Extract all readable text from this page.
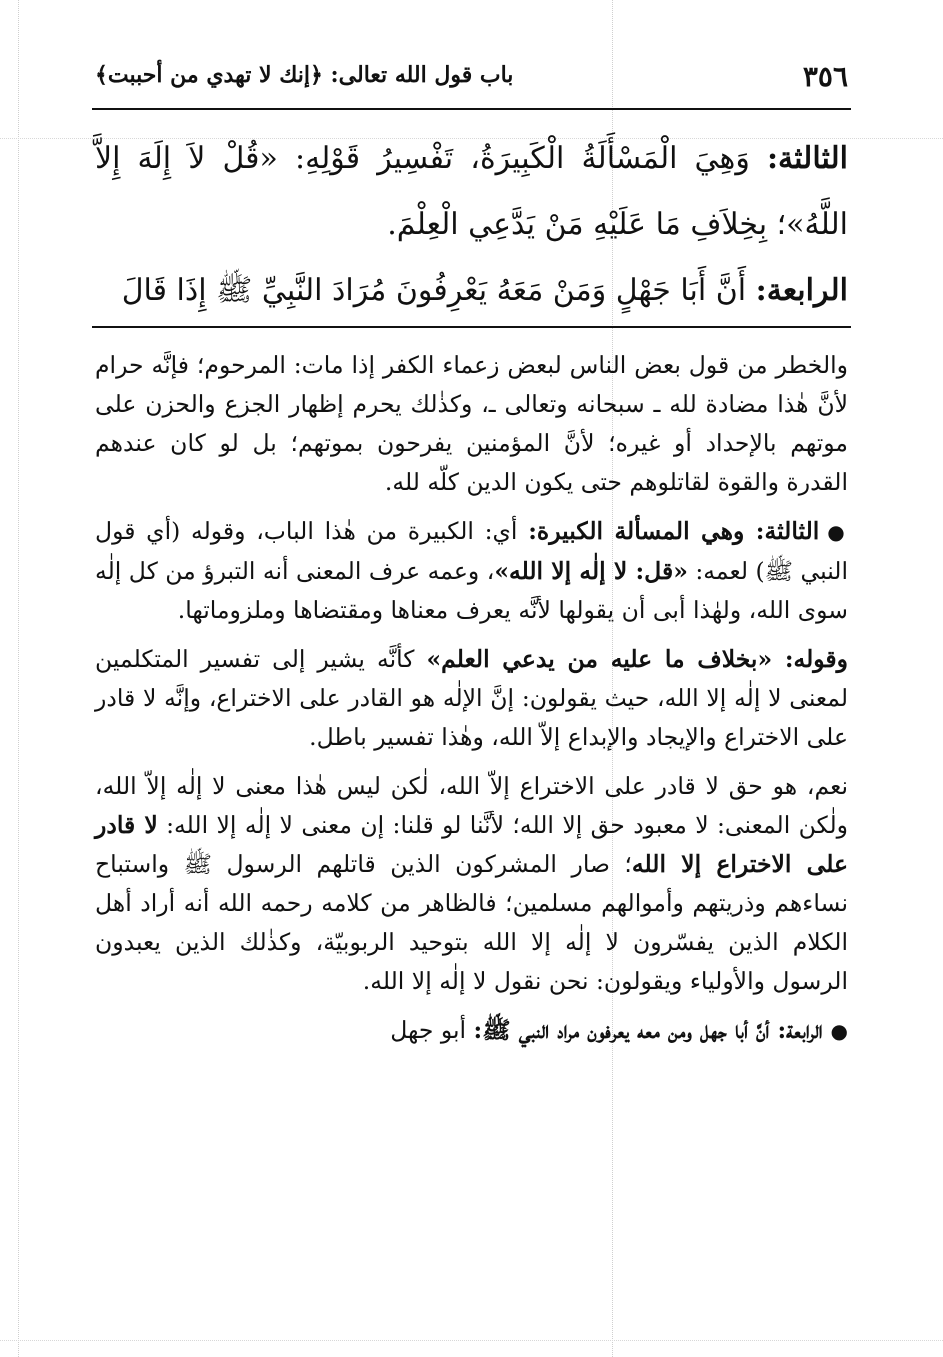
٣٥٦
باب قول الله تعالى: ﴿إنك لا تهدي من أحببت﴾
الثالثة: وَهِيَ الْمَسْأَلَةُ الْكَبِيرَةُ، تَفْسِيرُ قَوْلِهِ: «قُلْ لاَ إِلَهَ إِلاَّ اللَّهُ»؛ بِخِلاَفِ مَا عَلَيْهِ مَنْ يَدَّعِي الْعِلْمَ.
الرابعة: أَنَّ أَبَا جَهْلٍ وَمَنْ مَعَهُ يَعْرِفُونَ مُرَادَ النَّبِيِّ ﷺ إِذَا قَالَ

والخطر من قول بعض الناس لبعض زعماء الكفر إذا مات: المرحوم؛ فإنَّه حرام لأنَّ هٰذا مضادة لله ـ سبحانه وتعالى ـ، وكذٰلك يحرم إظهار الجزع والحزن على موتهم بالإحداد أو غيره؛ لأنَّ المؤمنين يفرحون بموتهم؛ بل لو كان عندهم القدرة والقوة لقاتلوهم حتى يكون الدين كلّه لله.

●الثالثة: وهي المسألة الكبيرة: أي: الكبيرة من هٰذا الباب، وقوله (أي قول النبي ﷺ) لعمه: «قل: لا إلٰه إلا الله»، وعمه عرف المعنى أنه التبرؤ من كل إلٰه سوى الله، ولهٰذا أبى أن يقولها لأنَّه يعرف معناها ومقتضاها وملزوماتها.

وقوله: «بخلاف ما عليه من يدعي العلم» كأنَّه يشير إلى تفسير المتكلمين لمعنى لا إلٰه إلا الله، حيث يقولون: إنَّ الإلٰه هو القادر على الاختراع، وإنَّه لا قادر على الاختراع والإيجاد والإبداع إلاّ الله، وهٰذا تفسير باطل.

نعم، هو حق لا قادر على الاختراع إلاّ الله، لٰكن ليس هٰذا معنى لا إلٰه إلاّ الله، ولٰكن المعنى: لا معبود حق إلا الله؛ لأنَّنا لو قلنا: إن معنى لا إلٰه إلا الله: لا قادر على الاختراع إلا الله؛ صار المشركون الذين قاتلهم الرسول ﷺ واستباح نساءهم وذريتهم وأموالهم مسلمين؛ فالظاهر من كلامه رحمه الله أنه أراد أهل الكلام الذين يفسّرون لا إلٰه إلا الله بتوحيد الربوبيّة، وكذٰلك الذين يعبدون الرسول والأولياء ويقولون: نحن نقول لا إلٰه إلا الله.

●الرابعة: أنَّ أبا جهل ومن معه يعرفون مراد النبي ﷺ: أبو جهل
